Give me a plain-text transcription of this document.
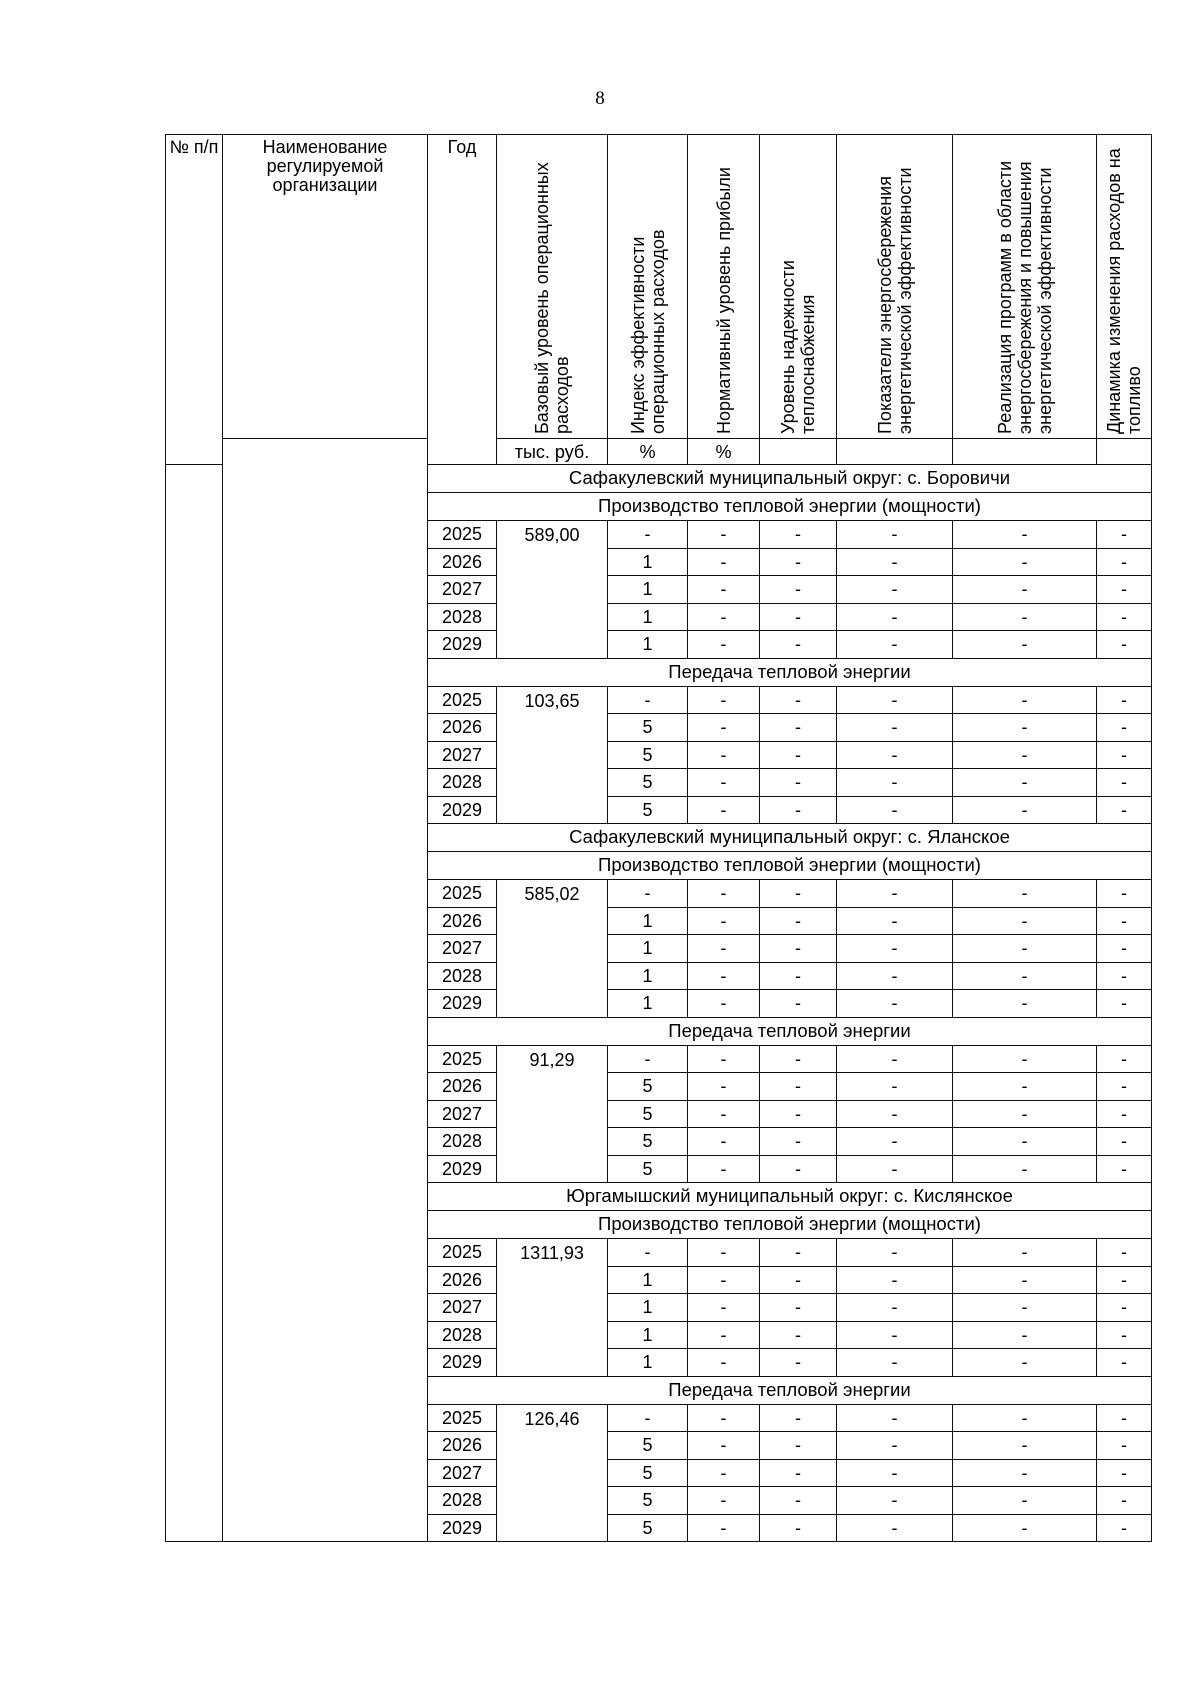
8
№ п/п	Наименование регулируемой организации	Год	Базовый уровень операционных расходов	Индекс эффективности операционных расходов	Нормативный уровень прибыли	Уровень надежности теплоснабжения	Показатели энергосбережения энергетической эффективности	Реализация программ в области энергосбережения и повышения энергетической эффективности	Динамика изменения расходов на топливо

			тыс. руб.	%	%				
		Сафакулевский муниципальный округ: с. Боровичи							
		Производство тепловой энергии (мощности)							
		2025	589,00	-	-	-	-	-	-
		2026		1	-	-	-	-	-
		2027		1	-	-	-	-	-
		2028		1	-	-	-	-	-
		2029		1	-	-	-	-	-
		Передача тепловой энергии							
		2025	103,65	-	-	-	-	-	-
		2026		5	-	-	-	-	-
		2027		5	-	-	-	-	-
		2028		5	-	-	-	-	-
		2029		5	-	-	-	-	-
		Сафакулевский муниципальный округ: с. Яланское							
		Производство тепловой энергии (мощности)							
		2025	585,02	-	-	-	-	-	-
		2026		1	-	-	-	-	-
		2027		1	-	-	-	-	-
		2028		1	-	-	-	-	-
		2029		1	-	-	-	-	-
		Передача тепловой энергии							
		2025	91,29	-	-	-	-	-	-
		2026		5	-	-	-	-	-
		2027		5	-	-	-	-	-
		2028		5	-	-	-	-	-
		2029		5	-	-	-	-	-
		Юргамышский муниципальный округ: с. Кислянское							
		Производство тепловой энергии (мощности)							
		2025	1311,93	-	-	-	-	-	-
		2026		1	-	-	-	-	-
		2027		1	-	-	-	-	-
		2028		1	-	-	-	-	-
		2029		1	-	-	-	-	-
		Передача тепловой энергии							
		2025	126,46	-	-	-	-	-	-
		2026		5	-	-	-	-	-
		2027		5	-	-	-	-	-
		2028		5	-	-	-	-	-
		2029		5	-	-	-	-	-
